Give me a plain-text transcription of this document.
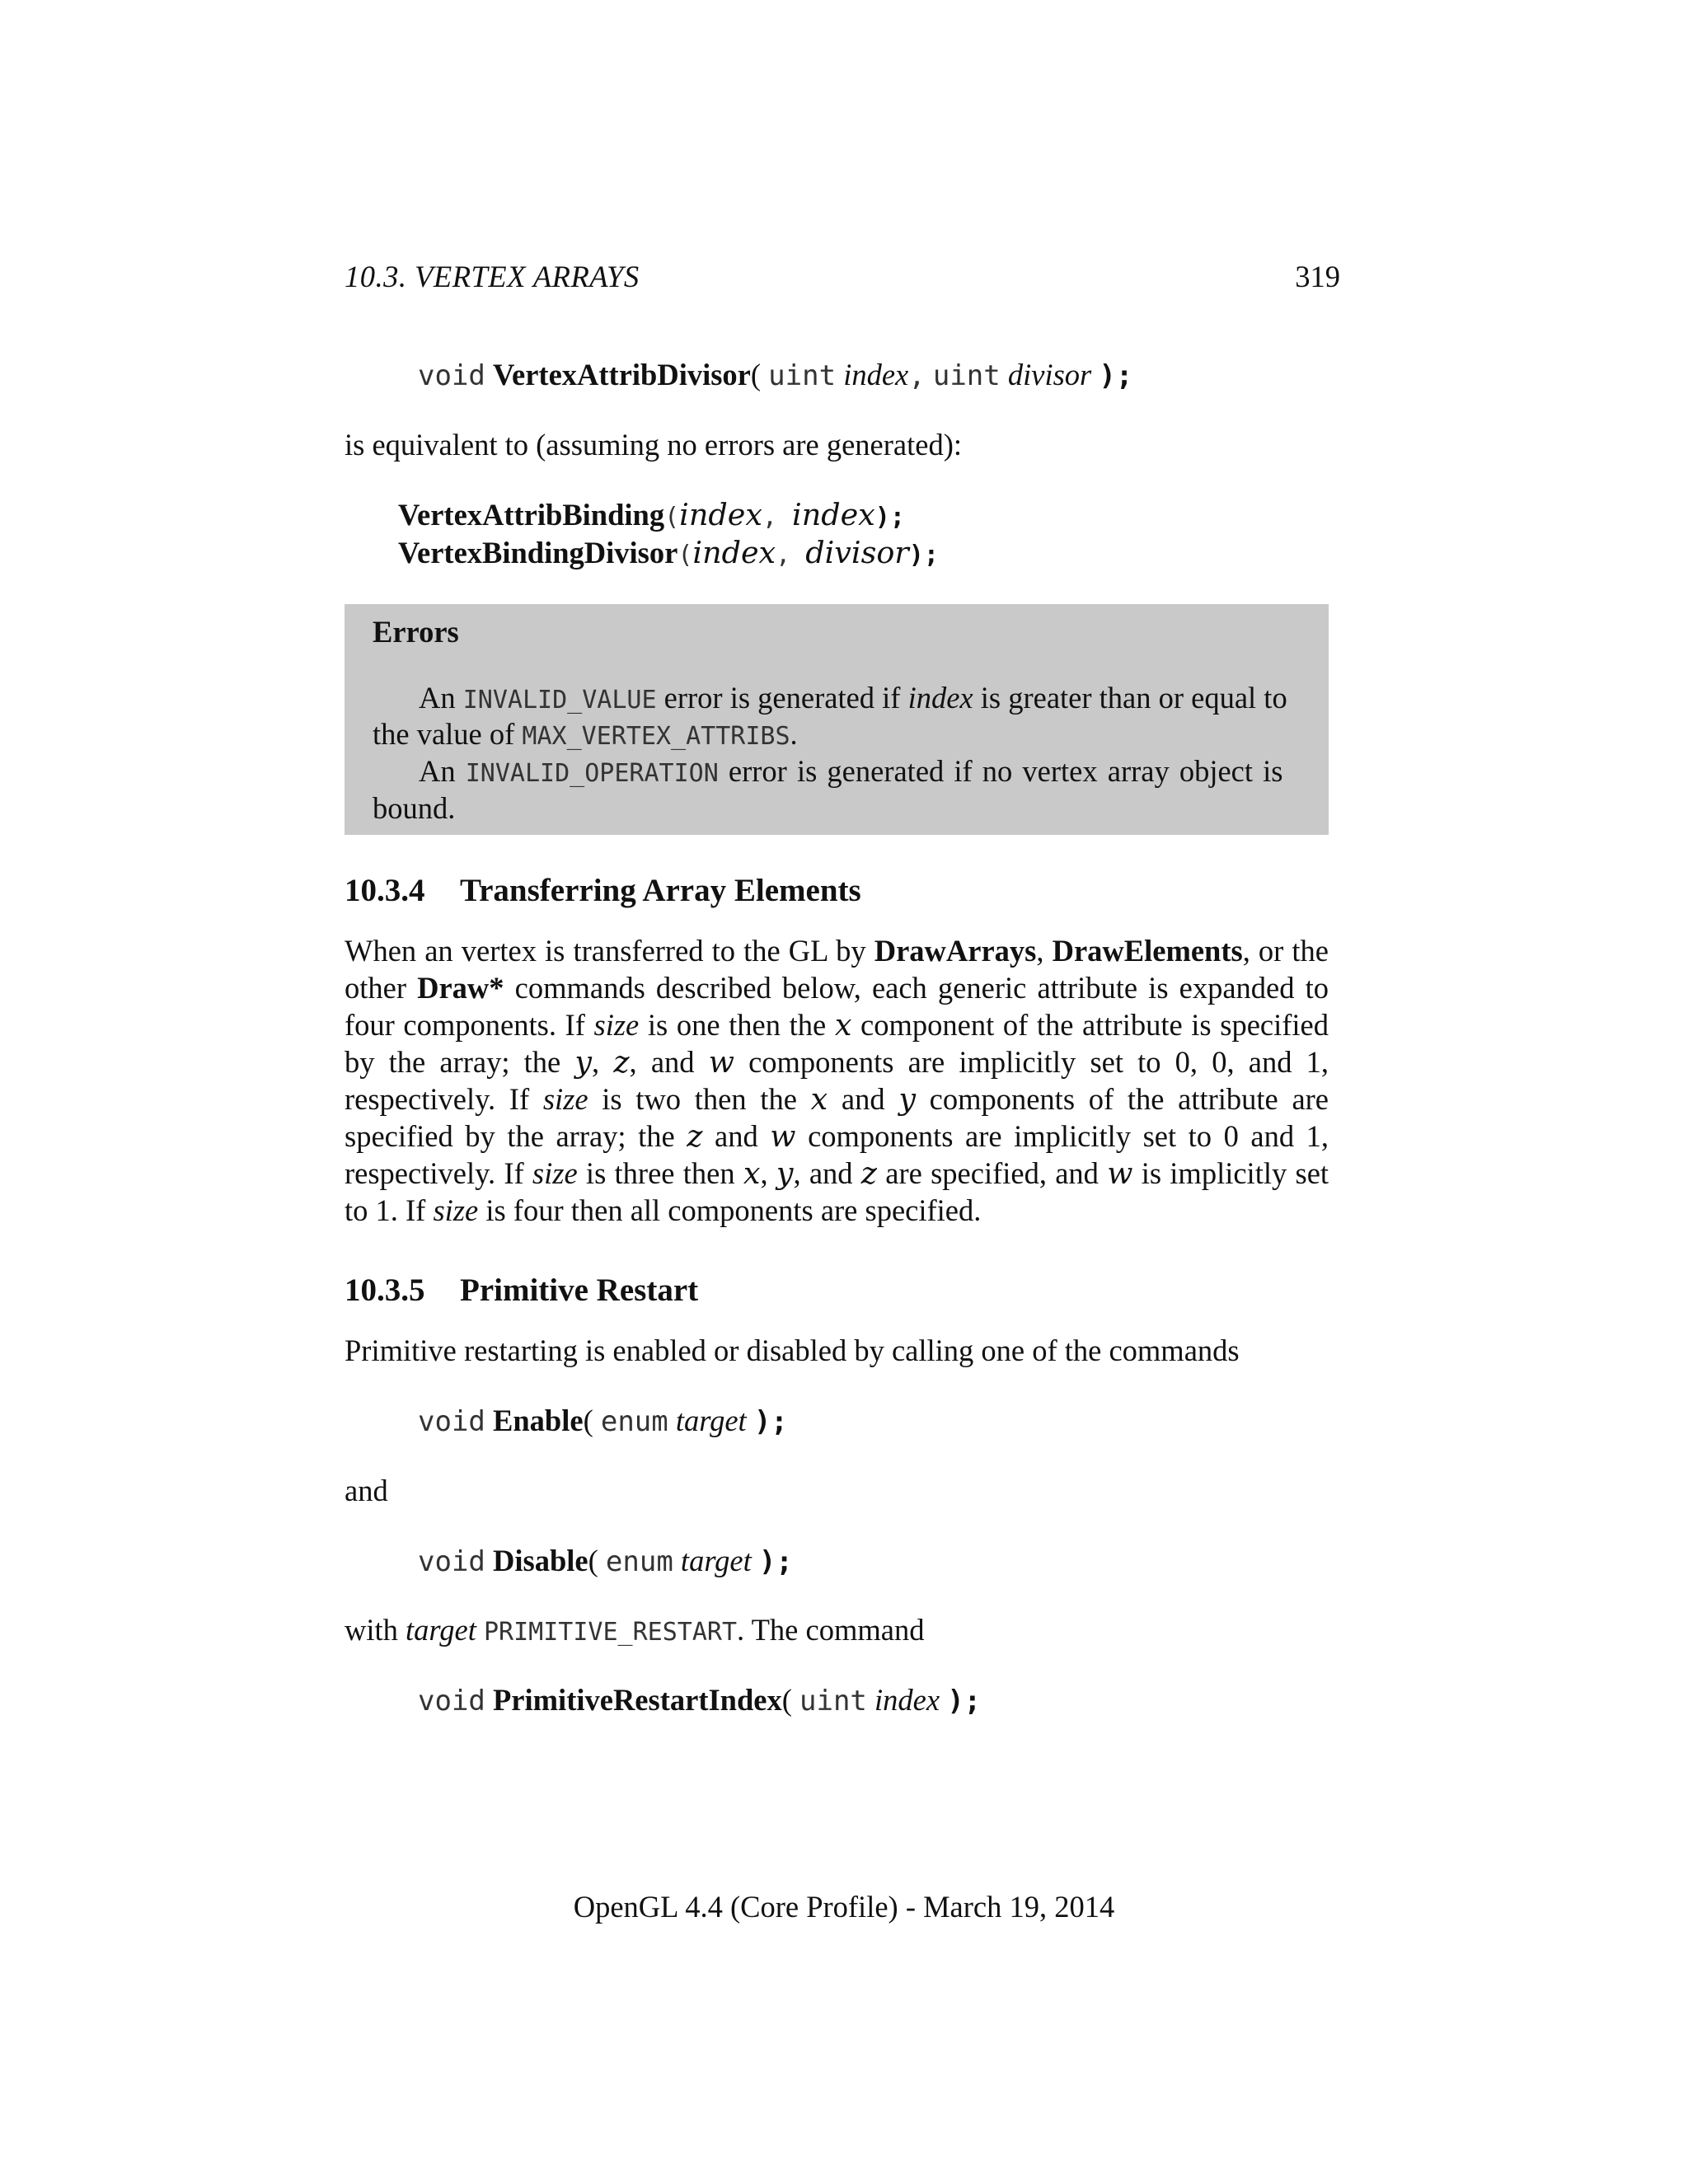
10.3. VERTEX ARRAYS	319
void VertexAttribDivisor( uint index, uint divisor );
is equivalent to (assuming no errors are generated):
VertexAttribBinding(index, index);
VertexBindingDivisor(index, divisor);
Errors
An INVALID_VALUE error is generated if index is greater than or equal to
the value of MAX_VERTEX_ATTRIBS.
An INVALID_OPERATION error is generated if no vertex array object is
bound.
10.3.4 Transferring Array Elements
When an vertex is transferred to the GL by DrawArrays, DrawElements, or the other Draw* commands described below, each generic attribute is expanded to four components. If size is one then the x component of the attribute is specified by the array; the y, z, and w components are implicitly set to 0, 0, and 1, respectively. If size is two then the x and y components of the attribute are specified by the array; the z and w components are implicitly set to 0 and 1, respectively. If size is three then x, y, and z are specified, and w is implicitly set to 1. If size is four then all components are specified.
10.3.5 Primitive Restart
Primitive restarting is enabled or disabled by calling one of the commands
void Enable( enum target );
and
void Disable( enum target );
with target PRIMITIVE_RESTART. The command
void PrimitiveRestartIndex( uint index );
OpenGL 4.4 (Core Profile) - March 19, 2014
